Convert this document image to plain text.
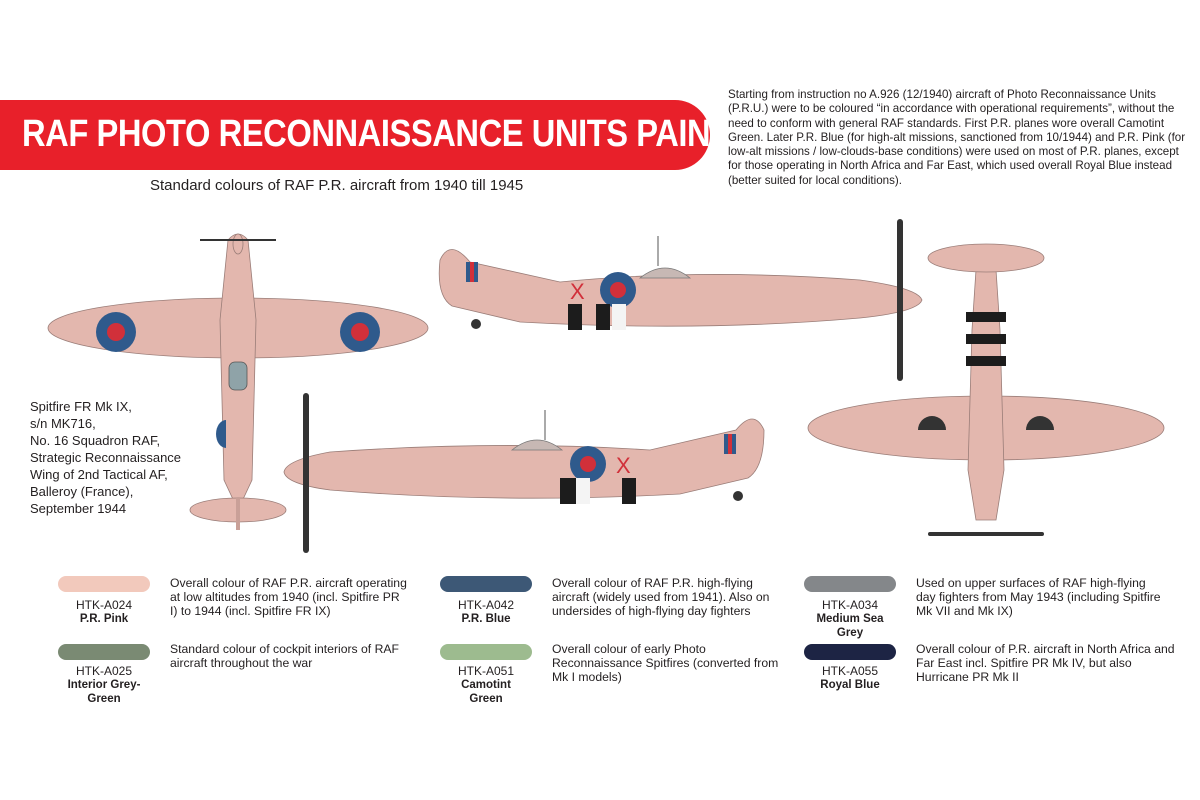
RAF PHOTO RECONNAISSANCE UNITS PAINT SET
Standard colours of RAF P.R. aircraft from 1940 till 1945
Starting from instruction no A.926 (12/1940) aircraft of Photo Reconnaissance Units (P.R.U.) were to be coloured “in accordance with operational requirements”, without the need to conform with general RAF standards. First P.R. planes wore overall Camotint Green. Later P.R. Blue (for high-alt missions, sanctioned from 10/1944) and P.R. Pink (for low-alt missions / low-clouds-base conditions) were used on most of P.R. planes, except for those operating in North Africa and Far East, which used overall Royal Blue instead (better suited for local conditions).
Spitfire FR Mk IX,
s/n MK716,
No. 16 Squadron RAF,
Strategic Reconnaissance
Wing of 2nd Tactical AF,
Balleroy (France),
September 1944
X
X
HTK-A024
P.R. Pink
Overall colour of RAF P.R. aircraft operating at low altitudes from 1940 (incl. Spitfire PR I) to 1944 (incl. Spitfire FR IX)
HTK-A025
Interior Grey-Green
Standard colour of cockpit interiors of RAF aircraft throughout the war
HTK-A042
P.R. Blue
Overall colour of RAF P.R. high-flying aircraft (widely used from 1941). Also on undersides of high-flying day fighters
HTK-A051
Camotint Green
Overall colour of early Photo Reconnaissance Spitfires (converted from Mk I models)
HTK-A034
Medium Sea Grey
Used on upper surfaces of RAF high-flying day fighters from May 1943 (including Spitfire Mk VII and Mk IX)
HTK-A055
Royal Blue
Overall colour of P.R. aircraft in North Africa and Far East incl. Spitfire PR Mk IV, but also Hurricane PR Mk II
